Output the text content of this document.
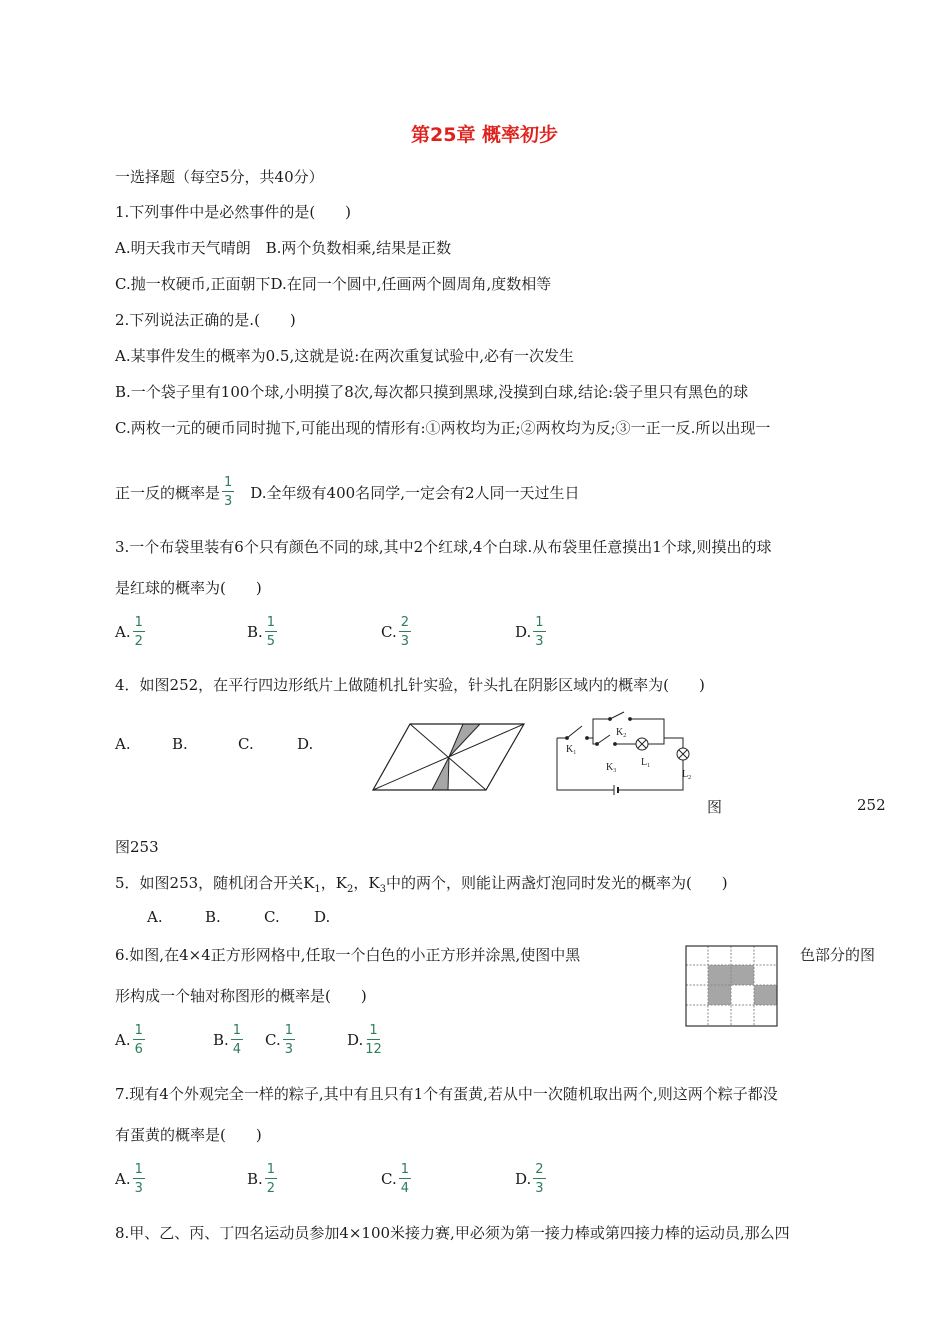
第25章 概率初步
一选择题（每空5分，共40分）
1.下列事件中是必然事件的是(　　)
A.明天我市天气晴朗　B.两个负数相乘,结果是正数
C.抛一枚硬币,正面朝下D.在同一个圆中,任画两个圆周角,度数相等
2.下列说法正确的是.(　　)
A.某事件发生的概率为0.5,这就是说:在两次重复试验中,必有一次发生
B.一个袋子里有100个球,小明摸了8次,每次都只摸到黑球,没摸到白球,结论:袋子里只有黑色的球
C.两枚一元的硬币同时抛下,可能出现的情形有:①两枚均为正;②两枚均为反;③一正一反.所以出现一
正一反的概率是 $\frac{1}{3} D$.全年级有400名同学,一定会有2人同一天过生日
3.一个布袋里装有6个只有颜色不同的球,其中2个红球,4个白球.从布袋里任意摸出1个球,则摸出的球
是红球的概率为(　　)
A. $\frac{1}{2}$	B. $\frac{1}{5}$	C. $\frac{2}{3}$	D. $\frac{1}{3}$
4．如图252，在平行四边形纸片上做随机扎针实验，针头扎在阴影区域内的概率为(　　)
A.	B.	C.	D.	$K_1$
$K_2$
$K_3$
$L_1$
$L_2$
图	252
图253
5．如图253，随机闭合开关$K_1$，$K_2$，$K_3$中的两个，则能让两盏灯泡同时发光的概率为(　　)
A.	B.	C. D.
6.如图,在4×4正方形网格中,任取一个白色的小正方形并涂黑,使图中黑	色部分的图
形构成一个轴对称图形的概率是(　　)
A. $\frac{1}{6}$	B. $\frac{1}{4} C$. $\frac{1}{3}$	D. $\frac{1}{12}$
7.现有4个外观完全一样的粽子,其中有且只有1个有蛋黄,若从中一次随机取出两个,则这两个粽子都没
有蛋黄的概率是(　　)
A. $\frac{1}{3}$	B. $\frac{1}{2}$	C. $\frac{1}{4}$	D. $\frac{2}{3}$
8.甲、乙、丙、丁四名运动员参加4×100米接力赛,甲必须为第一接力棒或第四接力棒的运动员,那么四
